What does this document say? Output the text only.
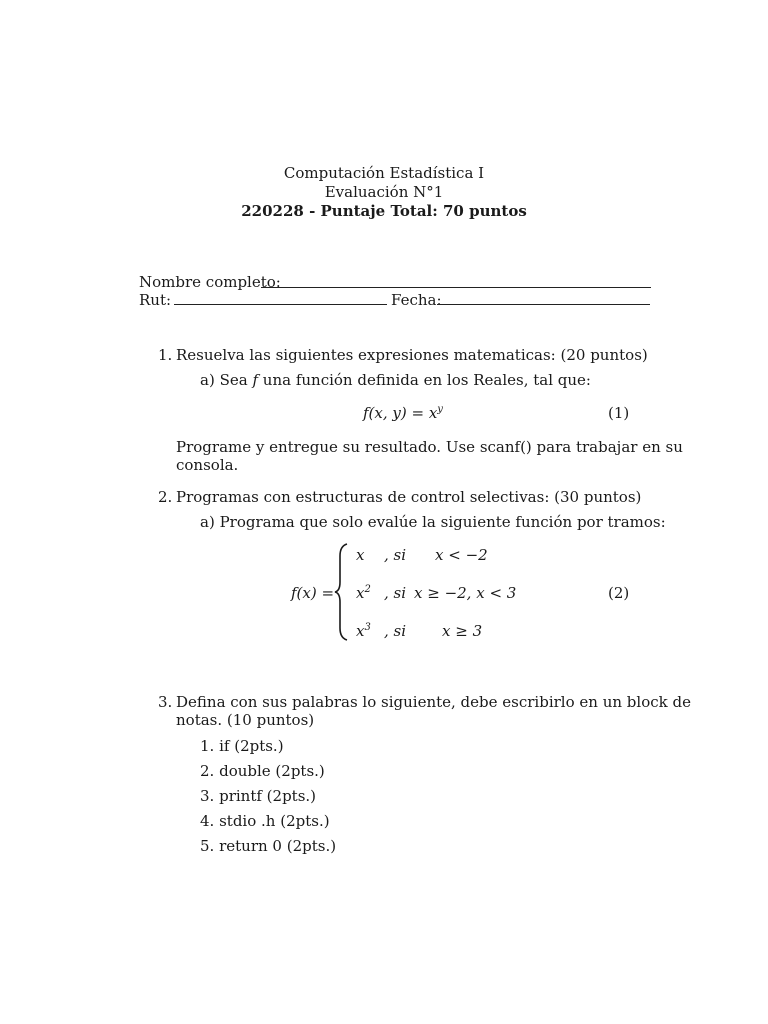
Computación Estadística I
Evaluación N°1
220228 - Puntaje Total: 70 puntos
Nombre completo:
Rut:	Fecha:
1. Resuelva las siguientes expresiones matematicas: (20 puntos)
a) Sea f una función definida en los Reales, tal que:
f(x, $y) = x^y$	(1)
Programe y entregue su resultado. Use scanf() para trabajar en su
consola.
2. Programas con estructuras de control selectivas: (30 puntos)
a) Programa que solo evalúe la siguiente función por tramos:
f(x) =
x , si x < −2
$x^2$ , si x ≥ −2, x < 3
$x^3$ , si x ≥ 3
(2)
3. Defina con sus palabras lo siguiente, debe escribirlo en un block de
notas. (10 puntos)
1. if (2pts.)
2. double (2pts.)
3. printf (2pts.)
4. stdio .h (2pts.)
5. return 0 (2pts.)
